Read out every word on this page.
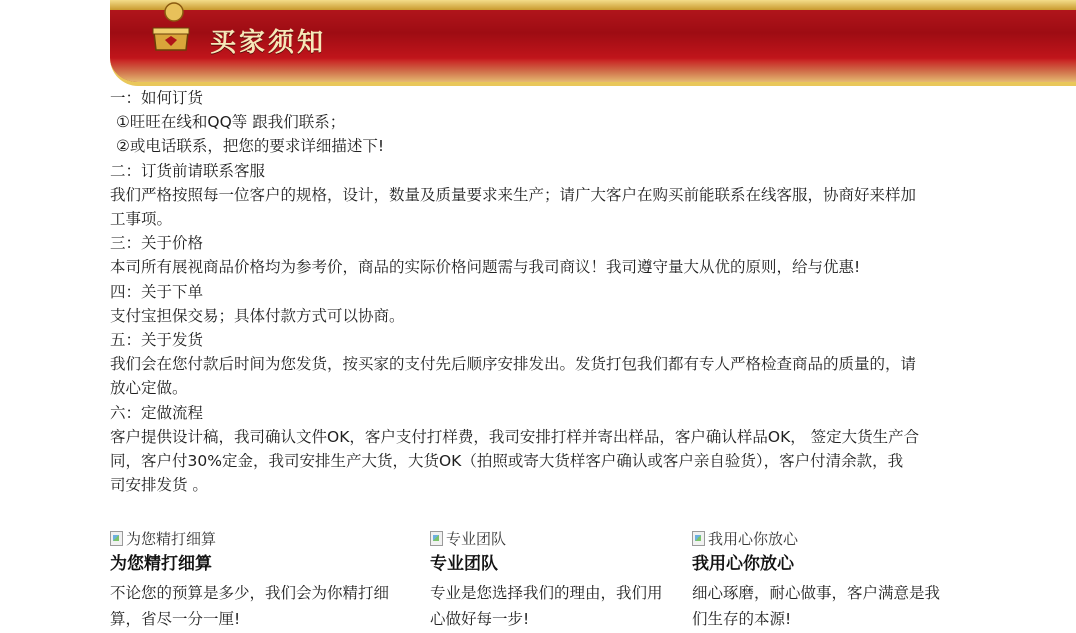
买家须知

一：如何订货

①旺旺在线和QQ等 跟我们联系；

②或电话联系，把您的要求详细描述下!

二：订货前请联系客服

我们严格按照每一位客户的规格，设计，数量及质量要求来生产；请广大客户在购买前能联系在线客服，协商好来样加

工事项。

三：关于价格

本司所有展视商品价格均为参考价，商品的实际价格问题需与我司商议！我司遵守量大从优的原则，给与优惠!

四：关于下单

支付宝担保交易；具体付款方式可以协商。

五：关于发货

我们会在您付款后时间为您发货，按买家的支付先后顺序安排发出。发货打包我们都有专人严格检查商品的质量的，请

放心定做。

六：定做流程

客户提供设计稿，我司确认文件OK，客户支付打样费，我司安排打样并寄出样品，客户确认样品OK， 签定大货生产合

同，客户付30%定金，我司安排生产大货，大货OK（拍照或寄大货样客户确认或客户亲自验货），客户付清余款，我

司安排发货 。

为您精打细算
为您精打细算
不论您的预算是多少，我们会为你精打细
算，省尽一分一厘!
专业团队
专业团队
专业是您选择我们的理由，我们用
心做好每一步!
我用心你放心
我用心你放心
细心琢磨，耐心做事，客户满意是我
们生存的本源!
